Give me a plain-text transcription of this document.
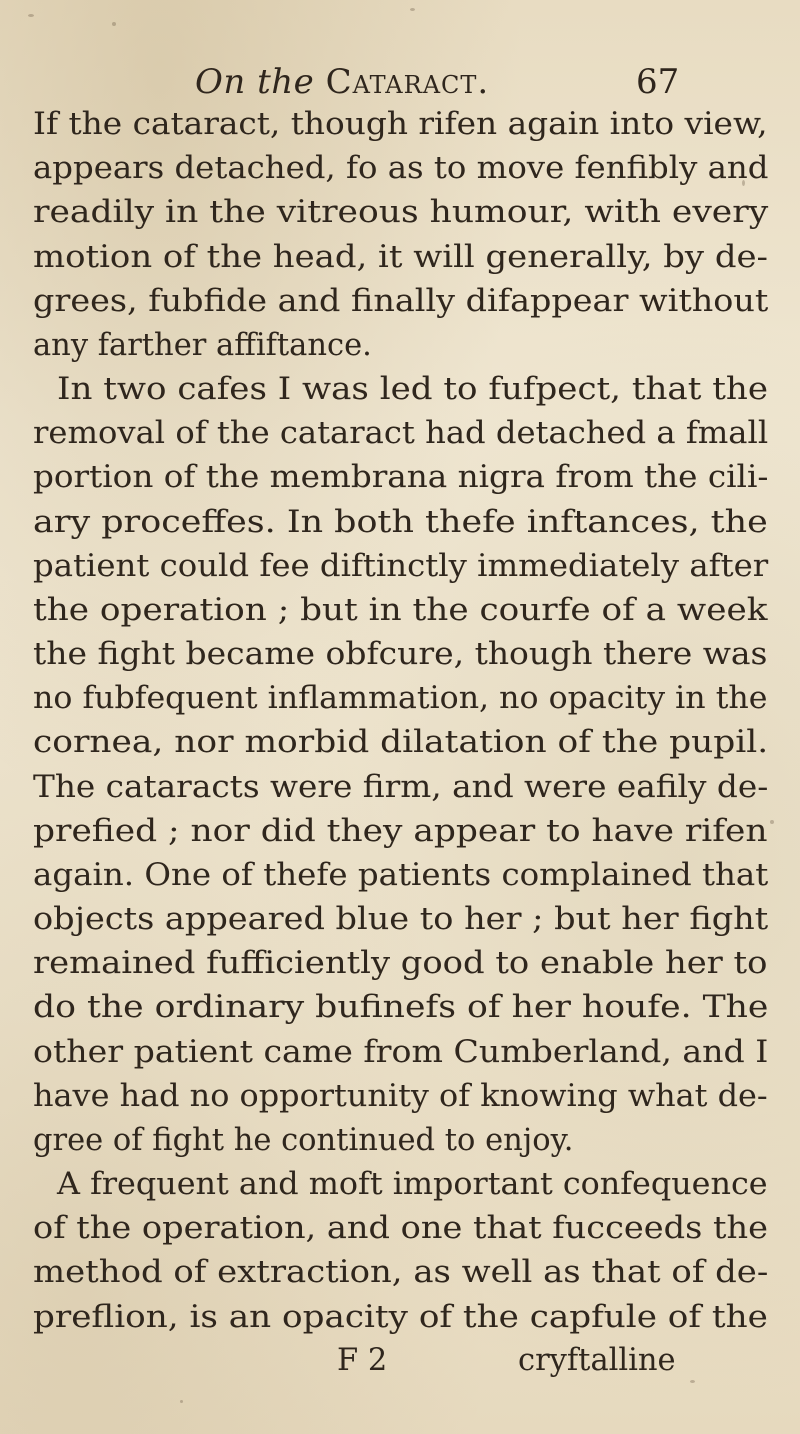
On the Cataract.	67
If the cataract, though rifen again into view,
appears detached, fo as to move fenfibly and
readily in the vitreous humour, with every
motion of the head, it will generally, by de-
grees, fubfide and finally difappear without
any farther affiftance.
In two cafes I was led to fufpect, that the
removal of the cataract had detached a fmall
portion of the membrana nigra from the cili-
ary proceffes. In both thefe inftances, the
patient could fee diftinctly immediately after
the operation ; but in the courfe of a week
the fight became obfcure, though there was
no fubfequent inflammation, no opacity in the
cornea, nor morbid dilatation of the pupil.
The cataracts were firm, and were eafily de-
prefied ; nor did they appear to have rifen
again. One of thefe patients complained that
objects appeared blue to her ; but her fight
remained fufficiently good to enable her to
do the ordinary bufinefs of her houfe. The
other patient came from Cumberland, and I
have had no opportunity of knowing what de-
gree of fight he continued to enjoy.
A frequent and moft important confequence
of the operation, and one that fucceeds the
method of extraction, as well as that of de-
preflion, is an opacity of the capfule of the
F 2	cryftalline
